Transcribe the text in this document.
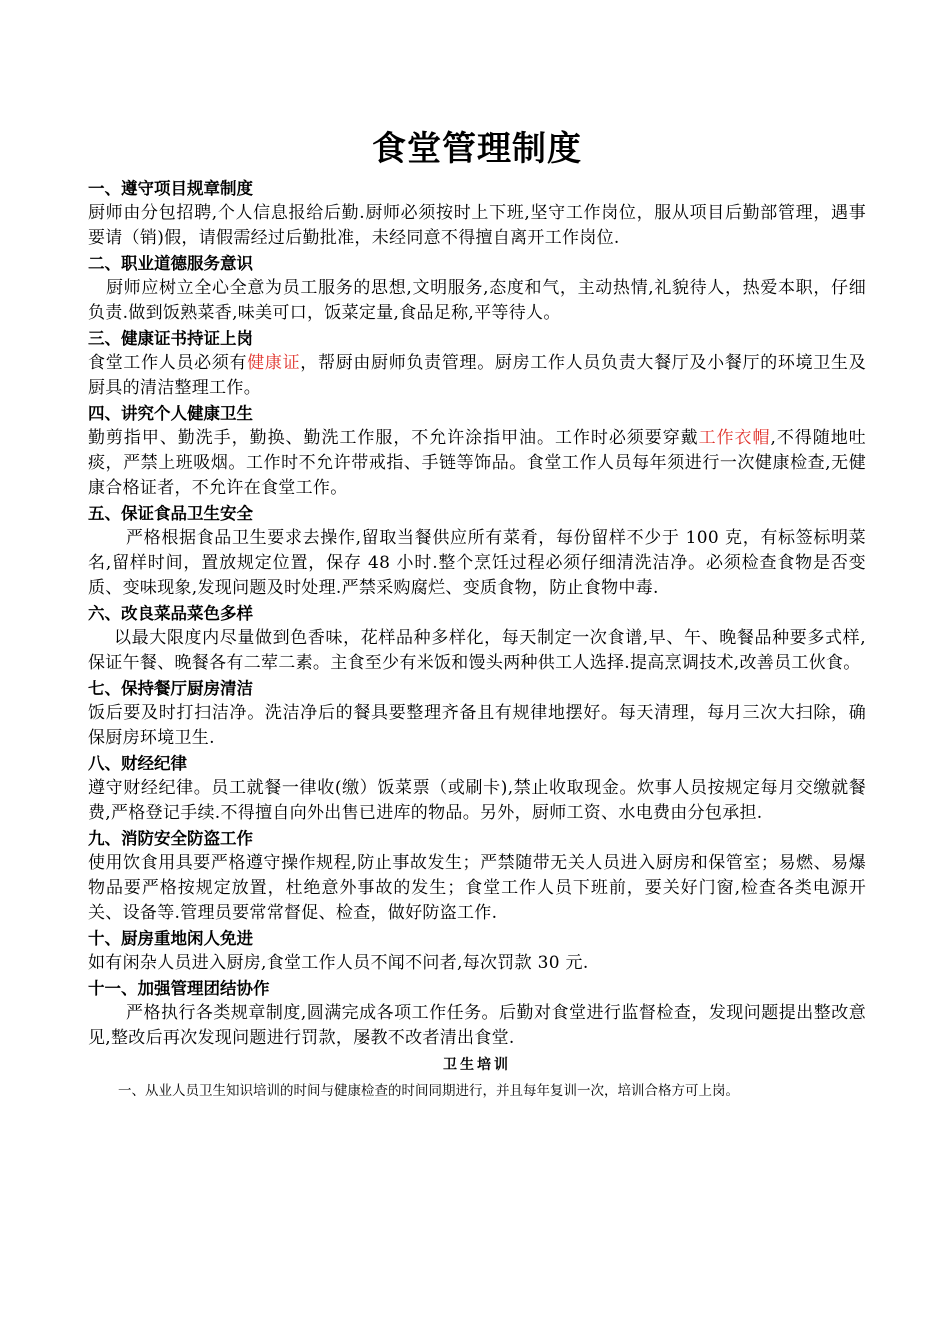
食堂管理制度
一、遵守项目规章制度

厨师由分包招聘,个人信息报给后勤.厨师必须按时上下班,坚守工作岗位，服从项目后勤部管理，遇事要请（销)假，请假需经过后勤批准，未经同意不得擅自离开工作岗位.

二、职业道德服务意识

厨师应树立全心全意为员工服务的思想,文明服务,态度和气，主动热情,礼貌待人，热爱本职，仔细负责.做到饭熟菜香,味美可口，饭菜定量,食品足称,平等待人。

三、健康证书持证上岗

食堂工作人员必须有健康证，帮厨由厨师负责管理。厨房工作人员负责大餐厅及小餐厅的环境卫生及厨具的清洁整理工作。

四、讲究个人健康卫生

勤剪指甲、勤洗手，勤换、勤洗工作服，不允许涂指甲油。工作时必须要穿戴工作衣帽,不得随地吐痰，严禁上班吸烟。工作时不允许带戒指、手链等饰品。食堂工作人员每年须进行一次健康检查,无健康合格证者，不允许在食堂工作。

五、保证食品卫生安全

严格根据食品卫生要求去操作,留取当餐供应所有菜肴，每份留样不少于 100 克，有标签标明菜名,留样时间，置放规定位置，保存 48 小时.整个烹饪过程必须仔细清洗洁净。必须检查食物是否变质、变味现象,发现问题及时处理.严禁采购腐烂、变质食物，防止食物中毒.

六、改良菜品菜色多样

以最大限度内尽量做到色香味，花样品种多样化，每天制定一次食谱,早、午、晚餐品种要多式样,保证午餐、晚餐各有二荤二素。主食至少有米饭和馒头两种供工人选择.提高烹调技术,改善员工伙食。

七、保持餐厅厨房清洁

饭后要及时打扫洁净。洗洁净后的餐具要整理齐备且有规律地摆好。每天清理，每月三次大扫除，确保厨房环境卫生.

八、财经纪律

遵守财经纪律。员工就餐一律收(缴）饭菜票（或刷卡),禁止收取现金。炊事人员按规定每月交缴就餐费,严格登记手续.不得擅自向外出售已进库的物品。另外，厨师工资、水电费由分包承担.

九、消防安全防盗工作

使用饮食用具要严格遵守操作规程,防止事故发生；严禁随带无关人员进入厨房和保管室；易燃、易爆物品要严格按规定放置，杜绝意外事故的发生；食堂工作人员下班前，要关好门窗,检查各类电源开关、设备等.管理员要常常督促、检查，做好防盗工作.

十、厨房重地闲人免进

如有闲杂人员进入厨房,食堂工作人员不闻不问者,每次罚款 30 元.

十一、加强管理团结协作

严格执行各类规章制度,圆满完成各项工作任务。后勤对食堂进行监督检查，发现问题提出整改意见,整改后再次发现问题进行罚款，屡教不改者清出食堂.

卫生培训

一、从业人员卫生知识培训的时间与健康检查的时间同期进行，并且每年复训一次，培训合格方可上岗。
